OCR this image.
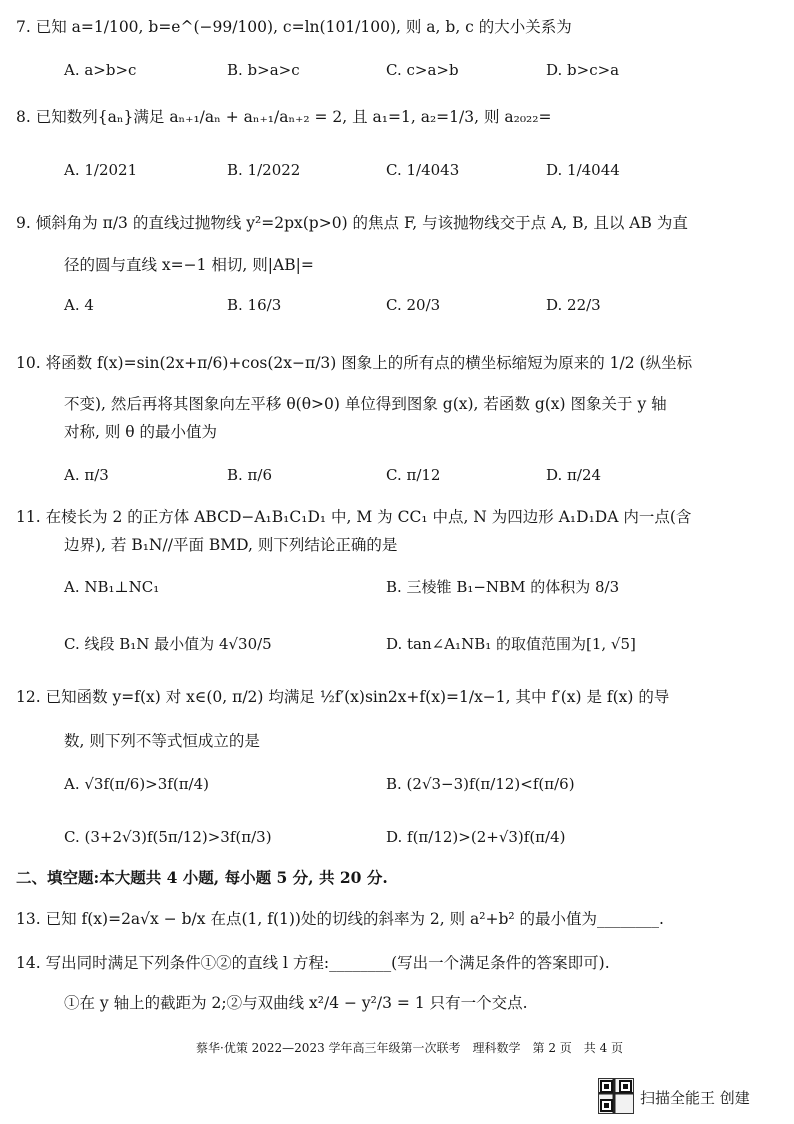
7. 已知 a=1/100, b=e^(−99/100), c=ln(101/100), 则 a, b, c 的大小关系为
A. a>b>c	B. b>a>c	C. c>a>b	D. b>c>a
8. 已知数列{aₙ}满足 aₙ₊₁/aₙ + aₙ₊₁/aₙ₊₂ = 2, 且 a₁=1, a₂=1/3, 则 a₂₀₂₂=
A. 1/2021	B. 1/2022	C. 1/4043	D. 1/4044
9. 倾斜角为 π/3 的直线过抛物线 y²=2px(p>0) 的焦点 F, 与该抛物线交于点 A, B, 且以 AB 为直
径的圆与直线 x=−1 相切, 则|AB|=
A. 4	B. 16/3	C. 20/3	D. 22/3
10. 将函数 f(x)=sin(2x+π/6)+cos(2x−π/3) 图象上的所有点的横坐标缩短为原来的 1/2 (纵坐标
不变), 然后再将其图象向左平移 θ(θ>0) 单位得到图象 g(x), 若函数 g(x) 图象关于 y 轴
对称, 则 θ 的最小值为
A. π/3	B. π/6	C. π/12	D. π/24
11. 在棱长为 2 的正方体 ABCD−A₁B₁C₁D₁ 中, M 为 CC₁ 中点, N 为四边形 A₁D₁DA 内一点(含
边界), 若 B₁N//平面 BMD, 则下列结论正确的是
A. NB₁⊥NC₁	B. 三棱锥 B₁−NBM 的体积为 8/3
C. 线段 B₁N 最小值为 4√30/5	D. tan∠A₁NB₁ 的取值范围为[1, √5]
12. 已知函数 y=f(x) 对 x∈(0, π/2) 均满足 ½f′(x)sin2x+f(x)=1/x−1, 其中 f′(x) 是 f(x) 的导
数, 则下列不等式恒成立的是
A. √3f(π/6)>3f(π/4)	B. (2√3−3)f(π/12)<f(π/6)
C. (3+2√3)f(5π/12)>3f(π/3)	D. f(π/12)>(2+√3)f(π/4)
二、填空题:本大题共 4 小题, 每小题 5 分, 共 20 分.
13. 已知 f(x)=2a√x − b/x 在点(1, f(1))处的切线的斜率为 2, 则 a²+b² 的最小值为________.
14. 写出同时满足下列条件①②的直线 l 方程:________(写出一个满足条件的答案即可).
①在 y 轴上的截距为 2;②与双曲线 x²/4 − y²/3 = 1 只有一个交点.
蔡华·优策 2022—2023 学年高三年级第一次联考　理科数学　第 2 页　共 4 页
扫描全能王 创建
